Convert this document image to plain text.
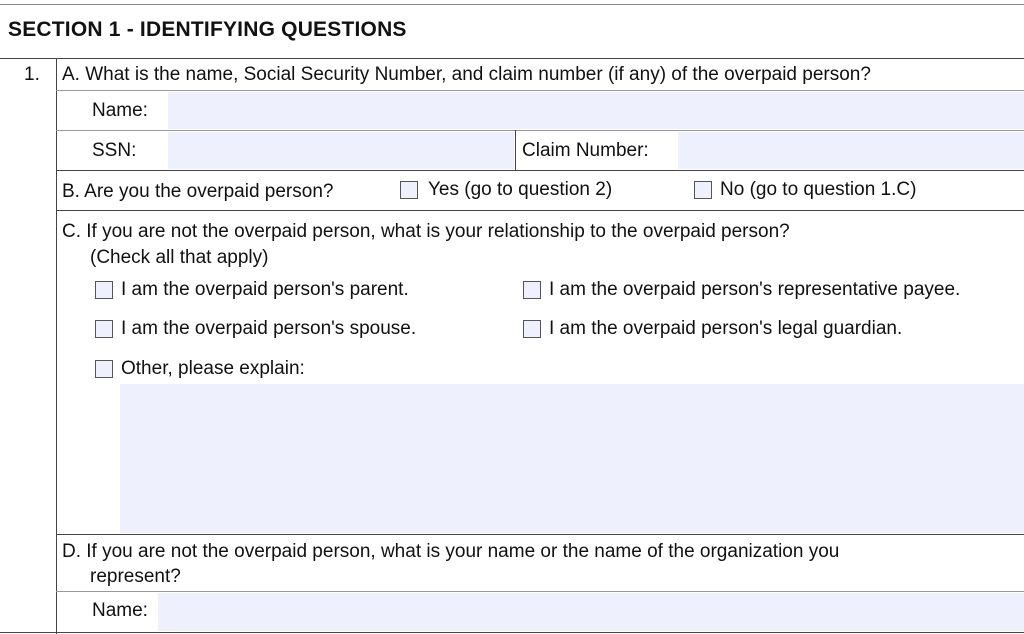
SECTION 1 - IDENTIFYING QUESTIONS
1. A. What is the name, Social Security Number, and claim number (if any) of the overpaid person?
Name:
SSN:	Claim Number:
B. Are you the overpaid person?	Yes (go to question 2)	No (go to question 1.C)
C. If you are not the overpaid person, what is your relationship to the overpaid person?
(Check all that apply)
I am the overpaid person's parent.	I am the overpaid person's representative payee.
I am the overpaid person's spouse.	I am the overpaid person's legal guardian.
Other, please explain:
D. If you are not the overpaid person, what is your name or the name of the organization you
represent?
Name:
